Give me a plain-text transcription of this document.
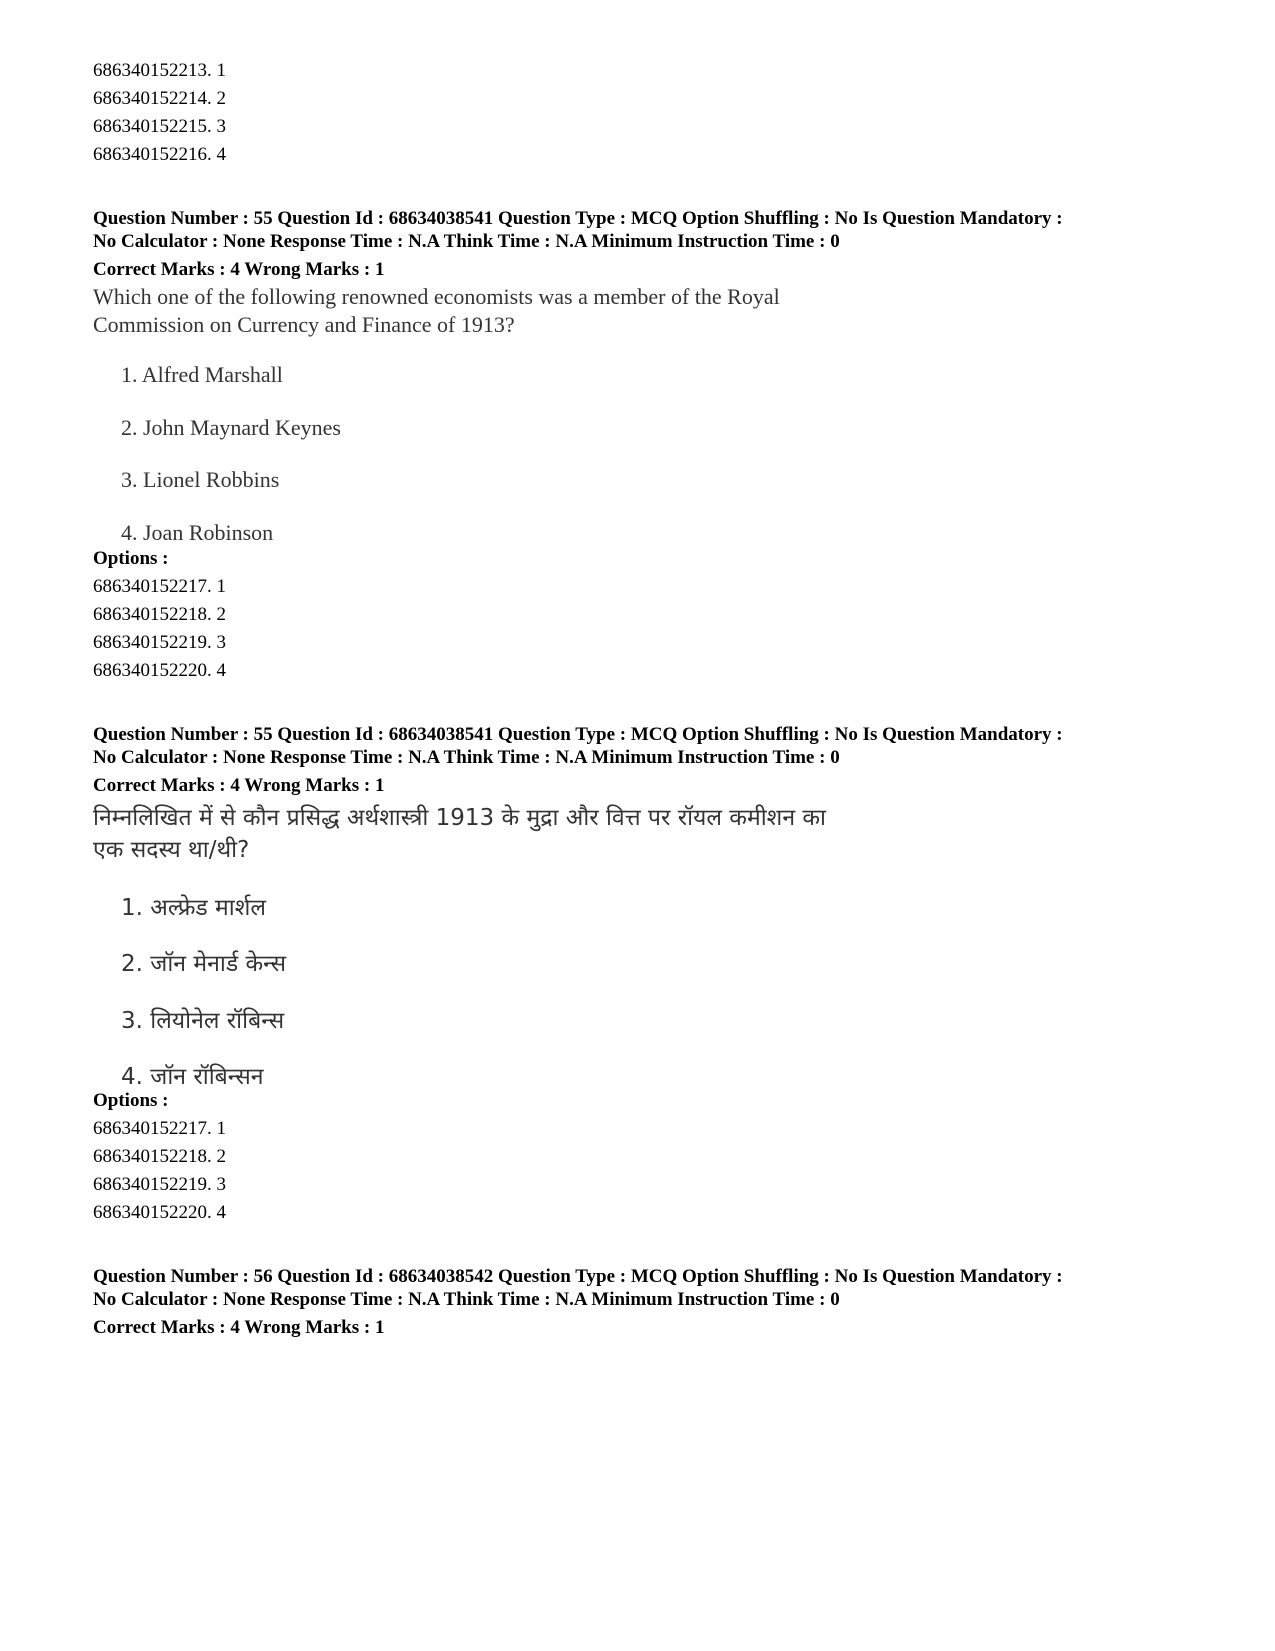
686340152213. 1
686340152214. 2
686340152215. 3
686340152216. 4
Question Number : 55 Question Id : 68634038541 Question Type : MCQ Option Shuffling : No Is Question Mandatory :
No Calculator : None Response Time : N.A Think Time : N.A Minimum Instruction Time : 0
Correct Marks : 4 Wrong Marks : 1
Which one of the following renowned economists was a member of the Royal
Commission on Currency and Finance of 1913?
1. Alfred Marshall
2. John Maynard Keynes
3. Lionel Robbins
4. Joan Robinson
Options :
686340152217. 1
686340152218. 2
686340152219. 3
686340152220. 4
Question Number : 55 Question Id : 68634038541 Question Type : MCQ Option Shuffling : No Is Question Mandatory :
No Calculator : None Response Time : N.A Think Time : N.A Minimum Instruction Time : 0
Correct Marks : 4 Wrong Marks : 1
निम्नलिखित में से कौन प्रसिद्ध अर्थशास्त्री 1913 के मुद्रा और वित्त पर रॉयल कमीशन का
एक सदस्य था/थी?
1. अल्फ्रेड मार्शल
2. जॉन मेनार्ड केन्स
3. लियोनेल रॉबिन्स
4. जॉन रॉबिन्सन
Options :
686340152217. 1
686340152218. 2
686340152219. 3
686340152220. 4
Question Number : 56 Question Id : 68634038542 Question Type : MCQ Option Shuffling : No Is Question Mandatory :
No Calculator : None Response Time : N.A Think Time : N.A Minimum Instruction Time : 0
Correct Marks : 4 Wrong Marks : 1
